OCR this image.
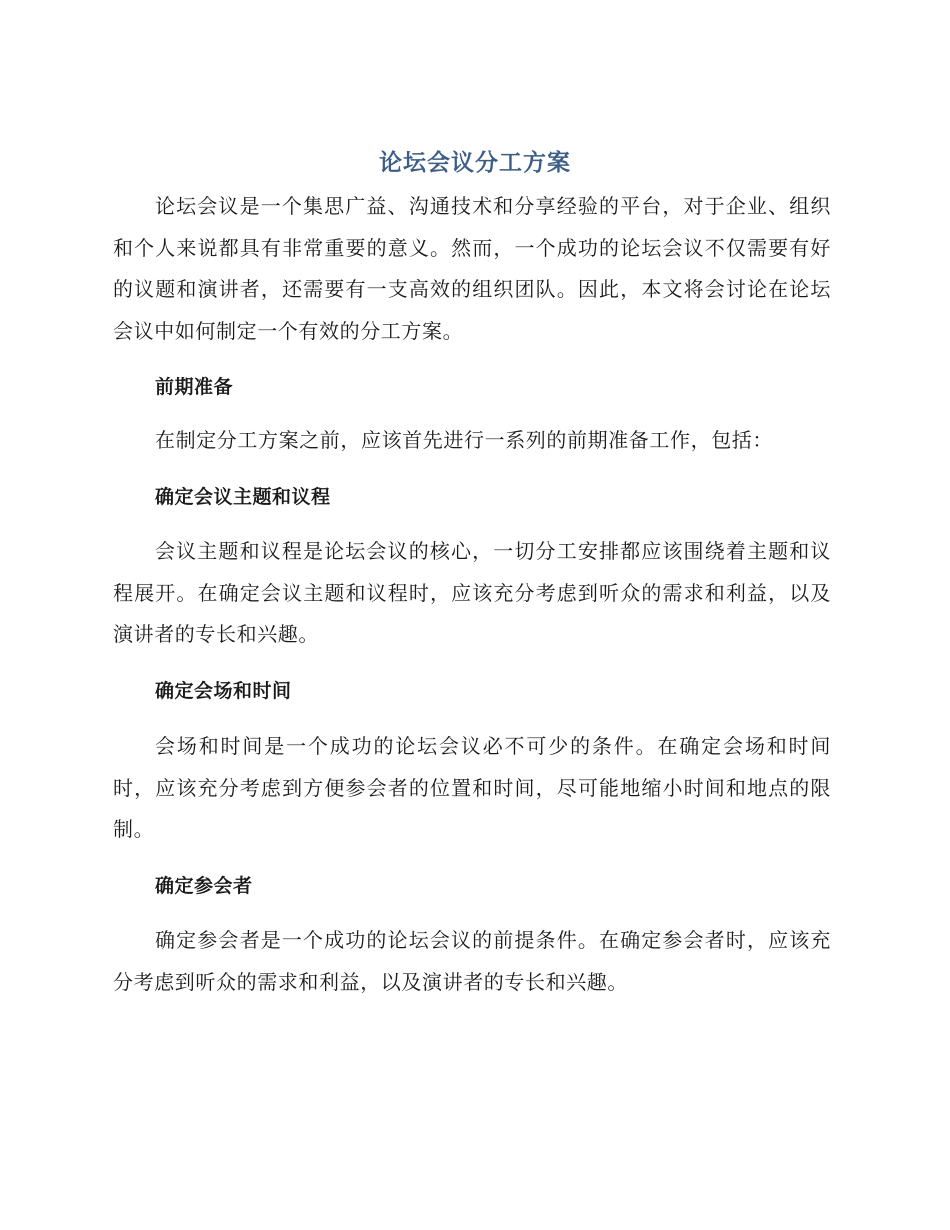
论坛会议分工方案

论坛会议是一个集思广益、沟通技术和分享经验的平台，对于企业、组织和个人来说都具有非常重要的意义。然而，一个成功的论坛会议不仅需要有好的议题和演讲者，还需要有一支高效的组织团队。因此，本文将会讨论在论坛会议中如何制定一个有效的分工方案。

前期准备

在制定分工方案之前，应该首先进行一系列的前期准备工作，包括：

确定会议主题和议程

会议主题和议程是论坛会议的核心，一切分工安排都应该围绕着主题和议程展开。在确定会议主题和议程时，应该充分考虑到听众的需求和利益，以及演讲者的专长和兴趣。

确定会场和时间

会场和时间是一个成功的论坛会议必不可少的条件。在确定会场和时间时，应该充分考虑到方便参会者的位置和时间，尽可能地缩小时间和地点的限制。

确定参会者

确定参会者是一个成功的论坛会议的前提条件。在确定参会者时，应该充分考虑到听众的需求和利益，以及演讲者的专长和兴趣。
